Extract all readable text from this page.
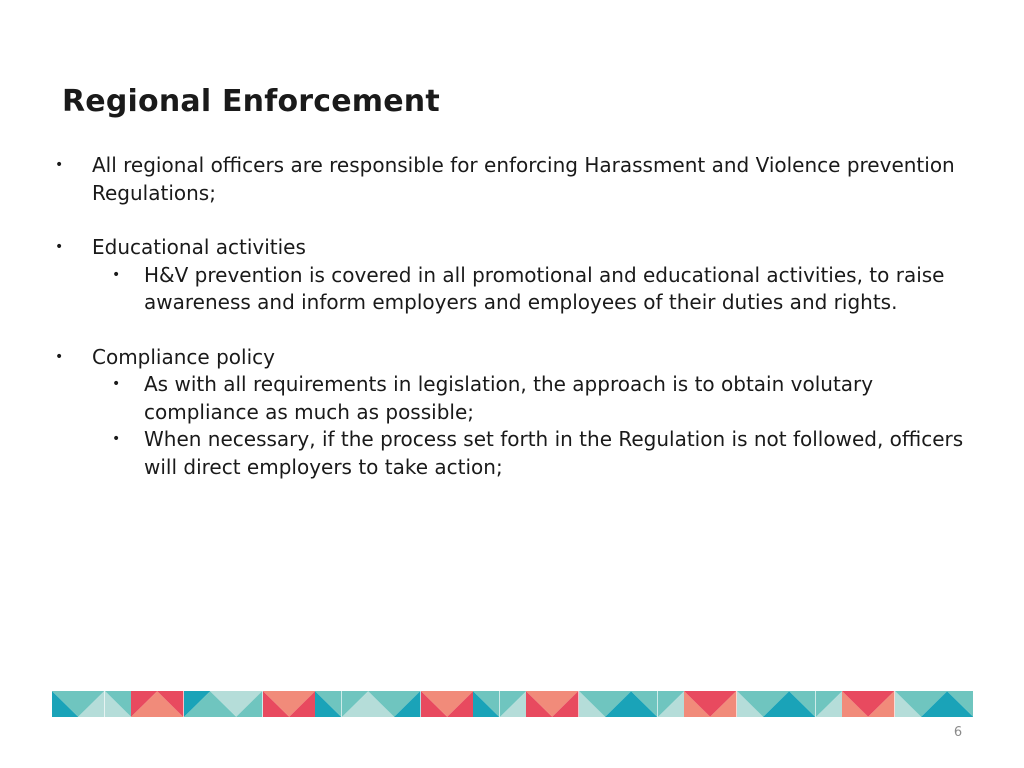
Regional Enforcement
•	All regional officers are responsible for enforcing Harassment and Violence prevention Regulations;
•	Educational activities
• H&V prevention is covered in all promotional and educational activities, to raise awareness and inform employers and employees of their duties and rights.
•	Compliance policy
• As with all requirements in legislation, the approach is to obtain volutary compliance as much as possible;
• When necessary, if the process set forth in the Regulation is not followed, officers will direct employers to take action;
6
